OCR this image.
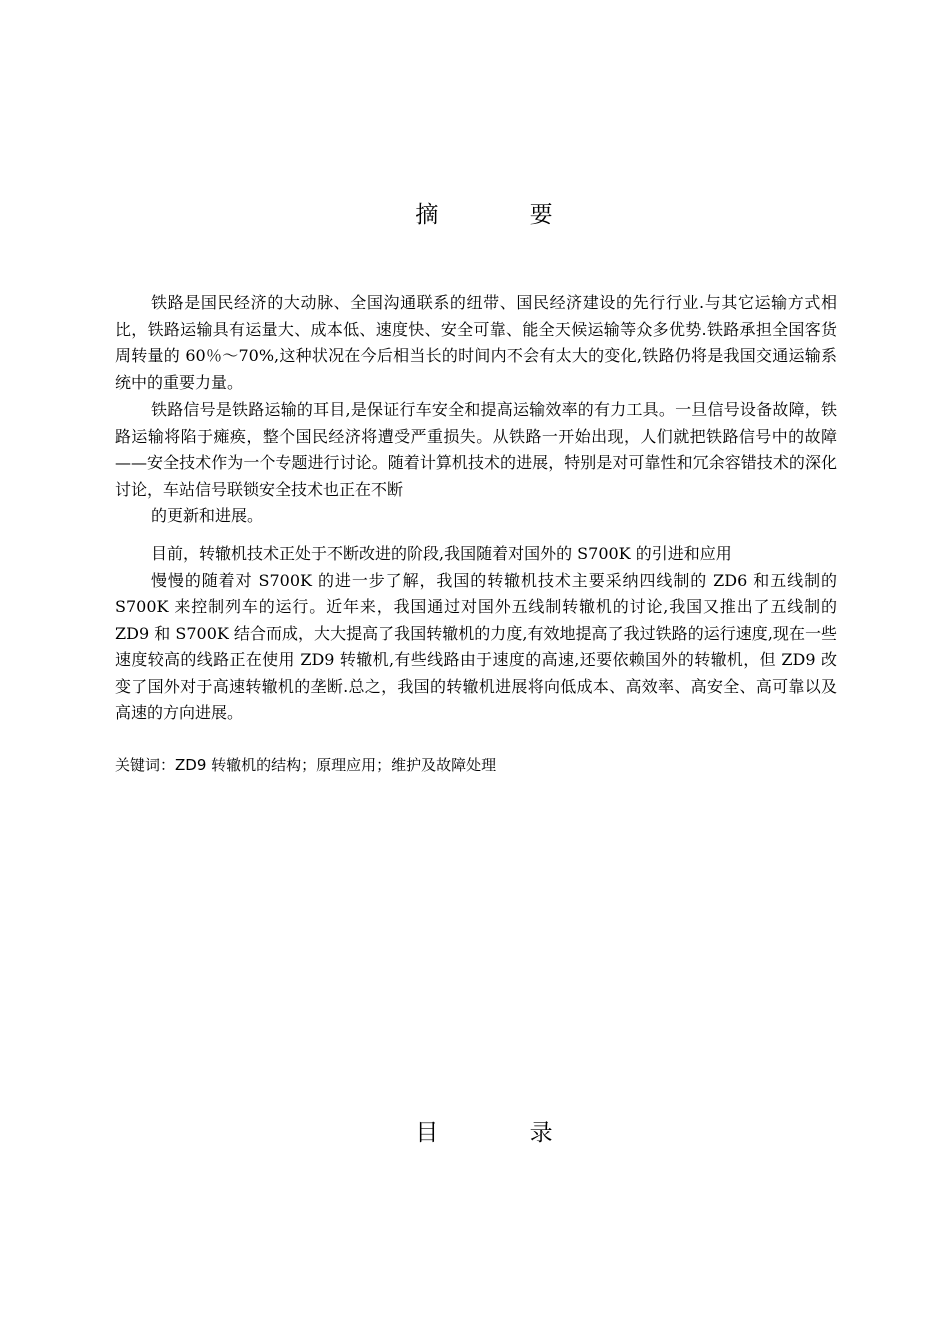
摘 要

铁路是国民经济的大动脉、全国沟通联系的纽带、国民经济建设的先行行业.与其它运输方式相比，铁路运输具有运量大、成本低、速度快、安全可靠、能全天候运输等众多优势.铁路承担全国客货周转量的 60％～70%,这种状况在今后相当长的时间内不会有太大的变化,铁路仍将是我国交通运输系统中的重要力量。

铁路信号是铁路运输的耳目,是保证行车安全和提高运输效率的有力工具。一旦信号设备故障，铁路运输将陷于瘫痪，整个国民经济将遭受严重损失。从铁路一开始出现，人们就把铁路信号中的故障——安全技术作为一个专题进行讨论。随着计算机技术的进展，特别是对可靠性和冗余容错技术的深化讨论，车站信号联锁安全技术也正在不断

的更新和进展。

目前，转辙机技术正处于不断改进的阶段,我国随着对国外的 S700K 的引进和应用

慢慢的随着对 S700K 的进一步了解，我国的转辙机技术主要采纳四线制的 ZD6 和五线制的 S700K 来控制列车的运行。近年来，我国通过对国外五线制转辙机的讨论,我国又推出了五线制的 ZD9 和 S700K 结合而成，大大提高了我国转辙机的力度,有效地提高了我过铁路的运行速度,现在一些速度较高的线路正在使用 ZD9 转辙机,有些线路由于速度的高速,还要依赖国外的转辙机，但 ZD9 改变了国外对于高速转辙机的垄断.总之，我国的转辙机进展将向低成本、高效率、高安全、高可靠以及高速的方向进展。

关键词：ZD9 转辙机的结构；原理应用；维护及故障处理

目 录
